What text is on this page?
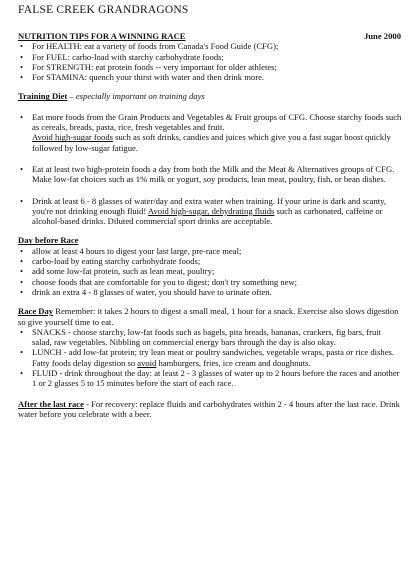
FALSE CREEK GRANDRAGONS
NUTRITION TIPS FOR A WINNING RACE	June 2000
• For HEALTH: eat a variety of foods from Canada's Food Guide (CFG);
• For FUEL: carbo-load with starchy carbohydrate foods;
• For STRENGTH: eat protein foods -- very important for older athletes;
• For STAMINA: quench your thirst with water and then drink more.
Training Diet – especially important on training days
• Eat more foods from the Grain Products and Vegetables & Fruit groups of CFG. Choose starchy foods such as cereals, breads, pasta, rice, fresh vegetables and fruit.
Avoid high-sugar foods such as soft drinks, candies and juices which give you a fast sugar boost quickly followed by low-sugar fatigue.
• Eat at least two high-protein foods a day from both the Milk and the Meat & Alternatives groups of CFG. Make low-fat choices such as 1% milk or yogurt, soy products, lean meat, poultry, fish, or bean dishes.
• Drink at least 6 - 8 glasses of water/day and extra water when training. If your urine is dark and scanty, you're not drinking enough fluid! Avoid high-sugar, dehydrating fluids such as carbonated, caffeine or alcohol-based drinks. Diluted commercial sport drinks are acceptable.
Day before Race
• allow at least 4 hours to digest your last large, pre-race meal;
• carbo-load by eating starchy carbohydrate foods;
• add some low-fat protein, such as lean meat, poultry;
• choose foods that are comfortable for you to digest; don't try something new;
• drink an extra 4 - 8 glasses of water, you should have to urinate often.
Race Day Remember: it takes 2 hours to digest a small meal, 1 hour for a snack. Exercise also slows digestion so give yourself time to eat.
• SNACKS - choose starchy, low-fat foods such as bagels, pita breads, bananas, crackers, fig bars, fruit salad, raw vegetables. Nibbling on commercial energy bars through the day is also okay.
• LUNCH - add low-fat protein; try lean meat or poultry sandwiches, vegetable wraps, pasta or rice dishes. Fatty foods delay digestion so avoid hamburgers, fries, ice cream and doughnuts.
• FLUID - drink throughout the day: at least 2 - 3 glasses of water up to 2 hours before the races and another 1 or 2 glasses 5 to 15 minutes before the start of each race.
After the last race - For recovery: replace fluids and carbohydrates within 2 - 4 hours after the last race. Drink water before you celebrate with a beer.
